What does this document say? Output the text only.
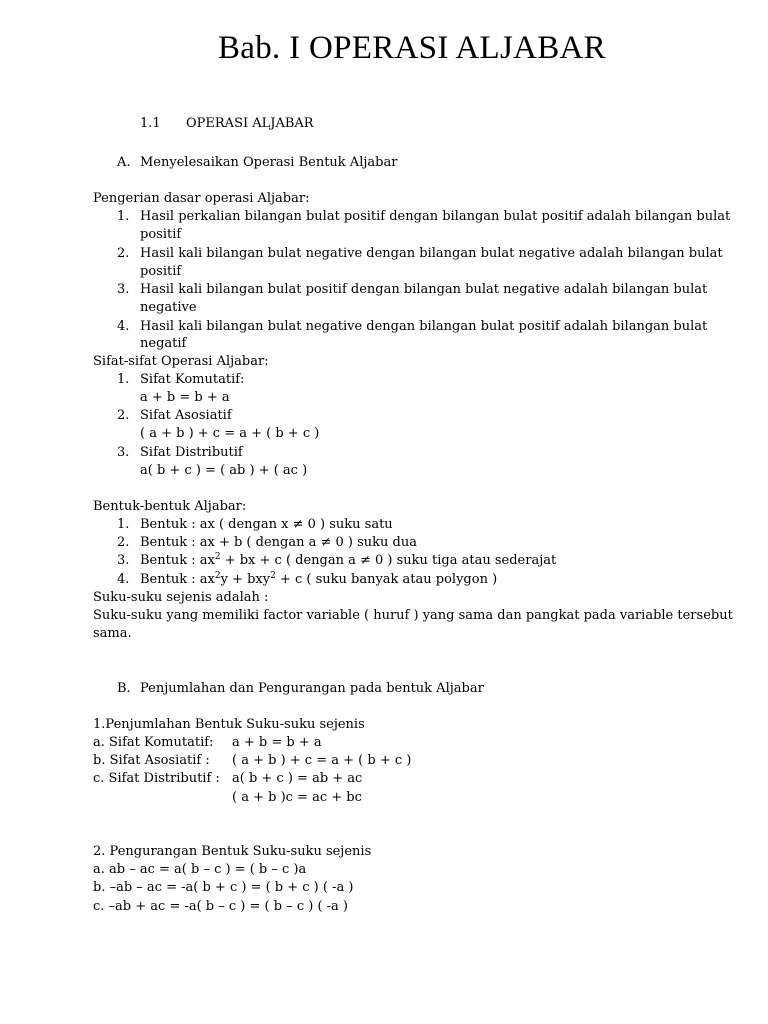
Bab. I OPERASI ALJABAR
1.1 OPERASI ALJABAR
A. Menyelesaikan Operasi Bentuk Aljabar
Pengerian dasar operasi Aljabar:
1. Hasil perkalian bilangan bulat positif dengan bilangan bulat positif adalah bilangan bulat
positif
2. Hasil kali bilangan bulat negative dengan bilangan bulat negative adalah bilangan bulat
positif
3. Hasil kali bilangan bulat positif dengan bilangan bulat negative adalah bilangan bulat
negative
4. Hasil kali bilangan bulat negative dengan bilangan bulat positif adalah bilangan bulat
negatif
Sifat-sifat Operasi Aljabar:
1. Sifat Komutatif:
a + b = b + a
2. Sifat Asosiatif
( a + b ) + c = a + ( b + c )
3. Sifat Distributif
a( b + c ) = ( ab ) + ( ac )
Bentuk-bentuk Aljabar:
1. Bentuk : ax ( dengan x ≠ 0 ) suku satu
2. Bentuk : ax + b ( dengan a ≠ 0 ) suku dua
3. Bentuk : $ax^2$ + bx + c ( dengan a ≠ 0 ) suku tiga atau sederajat
4. Bentuk : $ax^2y + bxy^2 + c$ ( suku banyak atau polygon )
Suku-suku sejenis adalah :
Suku-suku yang memiliki factor variable ( huruf ) yang sama dan pangkat pada variable tersebut
sama.
B. Penjumlahan dan Pengurangan pada bentuk Aljabar
1.Penjumlahan Bentuk Suku-suku sejenis
a. Sifat Komutatif: a + b = b + a
b. Sifat Asosiatif : ( a + b ) + c = a + ( b + c )
c. Sifat Distributif : a( b + c ) = ab + ac
( a + b )c = ac + bc
2. Pengurangan Bentuk Suku-suku sejenis
a. ab – ac = a( b – c ) = ( b – c )a
b. –ab – ac = -a( b + c ) = ( b + c ) ( -a )
c. –ab + ac = -a( b – c ) = ( b – c ) ( -a )
